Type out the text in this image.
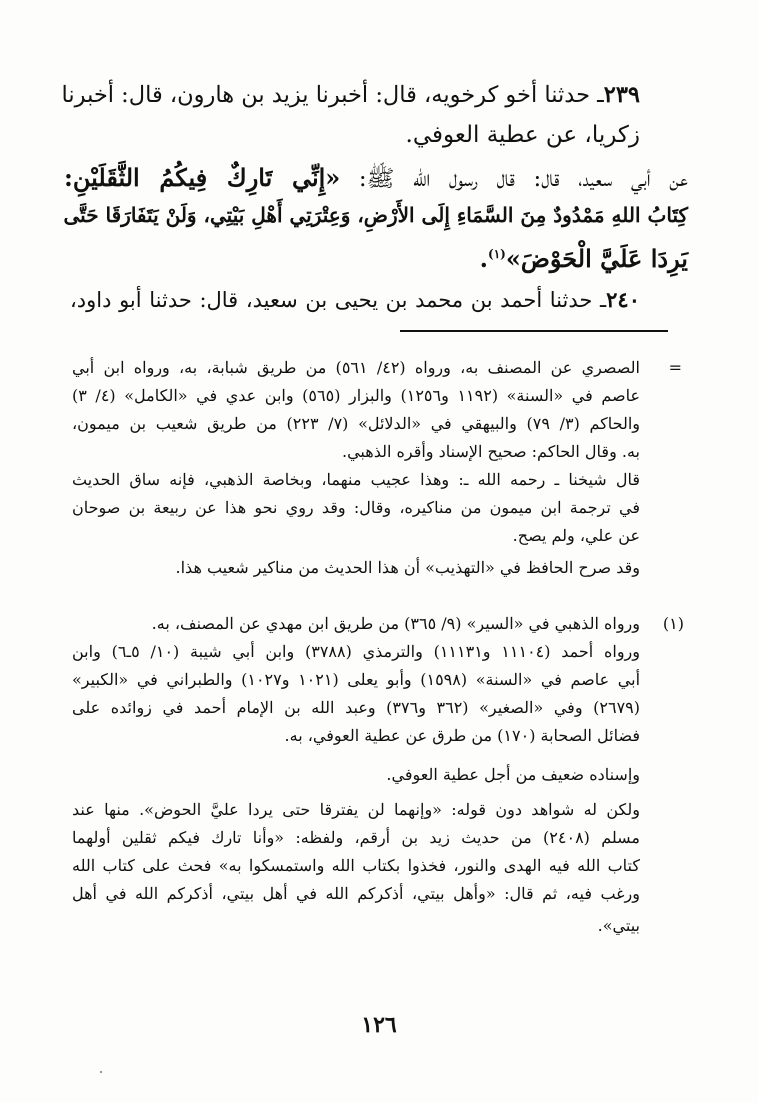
٢٣٩ـ حدثنا أخو كرخويه، قال: أخبرنا يزيد بن هارون، قال: أخبرنا
زكريا، عن عطية العوفي.
عن أبي سعيد، قال: قال رسول الله ﷺ: «إِنِّي تَارِكٌ فِيكُمُ الثَّقَلَيْنِ:
كِتَابُ اللهِ مَمْدُودٌ مِنَ السَّمَاءِ إِلَى الأَرْضِ، وَعِتْرَتِي أَهْلِ بَيْتِي، وَلَنْ يَتَفَارَقَا حَتَّى
يَرِدَا عَلَيَّ الْحَوْضَ»$^{(١)}$.
٢٤٠ـ حدثنا أحمد بن محمد بن يحيى بن سعيد، قال: حدثنا أبو داود،
=
(١)
الصصري عن المصنف به، ورواه (٤٢/ ٥٦١) من طريق شبابة، به، ورواه ابن أبي
عاصم في «السنة» (١١٩٢ و١٢٥٦) والبزار (٥٦٥) وابن عدي في «الكامل» (٤/ ٣)
والحاكم (٣/ ٧٩) والبيهقي في «الدلائل» (٧/ ٢٢٣) من طريق شعيب بن ميمون،
به. وقال الحاكم: صحيح الإسناد وأقره الذهبي.
قال شيخنا ـ رحمه الله ـ: وهذا عجيب منهما، وبخاصة الذهبي، فإنه ساق الحديث
في ترجمة ابن ميمون من مناكيره، وقال: وقد روي نحو هذا عن ربيعة بن صوحان
عن علي، ولم يصح.
وقد صرح الحافظ في «التهذيب» أن هذا الحديث من مناكير شعيب هذا.
ورواه الذهبي في «السير» (٩/ ٣٦٥) من طريق ابن مهدي عن المصنف، به.
ورواه أحمد (١١١٠٤ و١١١٣١) والترمذي (٣٧٨٨) وابن أبي شيبة (١٠/ ٥ـ٦) وابن
أبي عاصم في «السنة» (١٥٩٨) وأبو يعلى (١٠٢١ و١٠٢٧) والطبراني في «الكبير»
(٢٦٧٩) وفي «الصغير» (٣٦٢ و٣٧٦) وعبد الله بن الإمام أحمد في زوائده على
فضائل الصحابة (١٧٠) من طرق عن عطية العوفي، به.
وإسناده ضعيف من أجل عطية العوفي.
ولكن له شواهد دون قوله: «وإنهما لن يفترقا حتى يردا عليَّ الحوض». منها عند
مسلم (٢٤٠٨) من حديث زيد بن أرقم، ولفظه: «وأنا تارك فيكم ثقلين أولهما
كتاب الله فيه الهدى والنور، فخذوا بكتاب الله واستمسكوا به» فحث على كتاب الله
ورغب فيه، ثم قال: «وأهل بيتي، أذكركم الله في أهل بيتي، أذكركم الله في أهل
بيتي».
١٢٦
